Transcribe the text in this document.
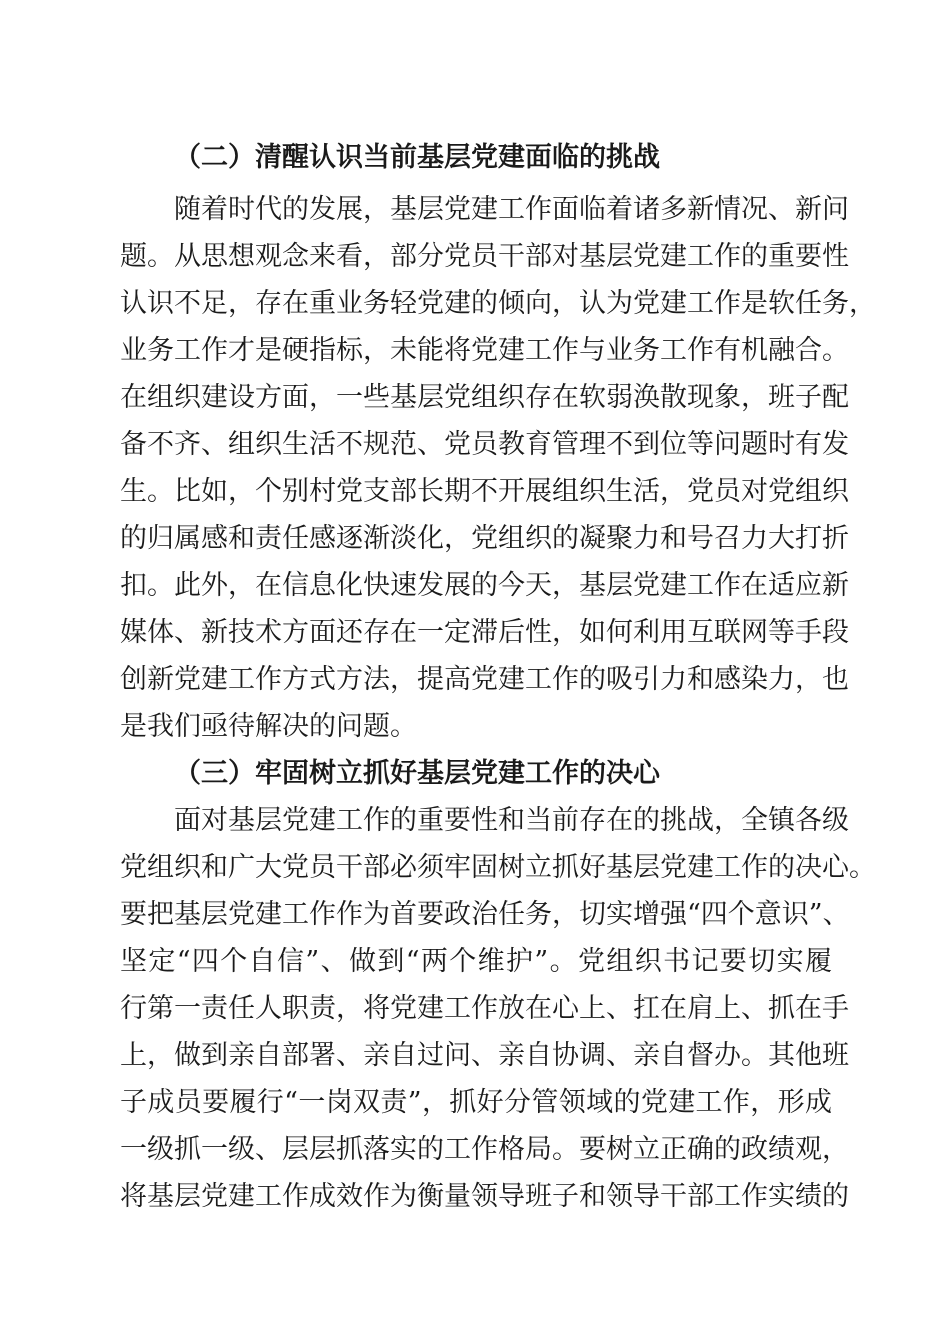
（二）清醒认识当前基层党建面临的挑战
随着时代的发展，基层党建工作面临着诸多新情况、新问
题。从思想观念来看，部分党员干部对基层党建工作的重要性
认识不足，存在重业务轻党建的倾向，认为党建工作是软任务，
业务工作才是硬指标，未能将党建工作与业务工作有机融合。
在组织建设方面，一些基层党组织存在软弱涣散现象，班子配
备不齐、组织生活不规范、党员教育管理不到位等问题时有发
生。比如，个别村党支部长期不开展组织生活，党员对党组织
的归属感和责任感逐渐淡化，党组织的凝聚力和号召力大打折
扣。此外，在信息化快速发展的今天，基层党建工作在适应新
媒体、新技术方面还存在一定滞后性，如何利用互联网等手段
创新党建工作方式方法，提高党建工作的吸引力和感染力，也
是我们亟待解决的问题。
（三）牢固树立抓好基层党建工作的决心
面对基层党建工作的重要性和当前存在的挑战，全镇各级
党组织和广大党员干部必须牢固树立抓好基层党建工作的决心。
要把基层党建工作作为首要政治任务，切实增强“四个意识”、
坚定“四个自信”、做到“两个维护”。党组织书记要切实履
行第一责任人职责，将党建工作放在心上、扛在肩上、抓在手
上，做到亲自部署、亲自过问、亲自协调、亲自督办。其他班
子成员要履行“一岗双责”，抓好分管领域的党建工作，形成
一级抓一级、层层抓落实的工作格局。要树立正确的政绩观，
将基层党建工作成效作为衡量领导班子和领导干部工作实绩的
